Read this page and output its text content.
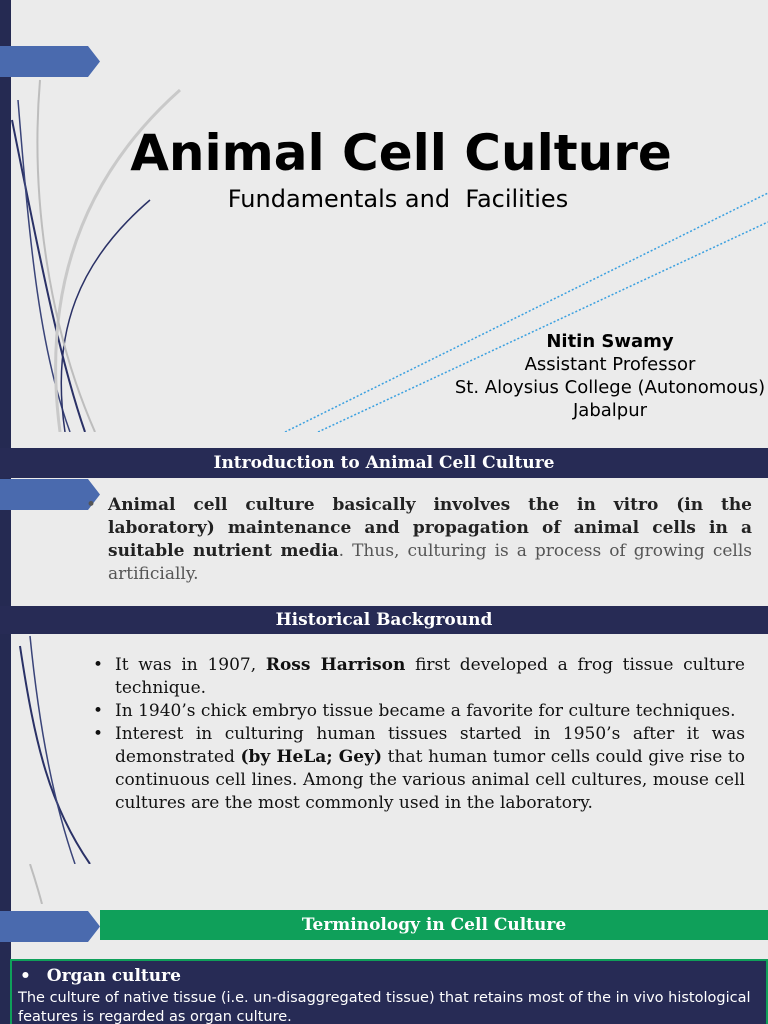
Animal Cell Culture
Fundamentals and  Facilities
Nitin Swamy
Assistant Professor
St. Aloysius College (Autonomous)
Jabalpur
Introduction to Animal Cell Culture
• Animal cell culture basically involves the in vitro (in the laboratory) maintenance and propagation of animal cells in a suitable nutrient media. Thus, culturing is a process of growing cells artificially.
Historical Background
• It was in 1907, Ross Harrison first developed a frog tissue culture technique.
• In 1940’s chick embryo tissue became a favorite for culture techniques.
• Interest in culturing human tissues started in 1950’s after it was demonstrated (by HeLa; Gey) that human tumor cells could give rise to continuous cell lines. Among the various animal cell cultures, mouse cell cultures are the most commonly used in the laboratory.
Terminology in Cell Culture
• Organ culture
The culture of native tissue (i.e. un-disaggregated tissue) that retains most of the in vivo histological features is regarded as organ culture.
